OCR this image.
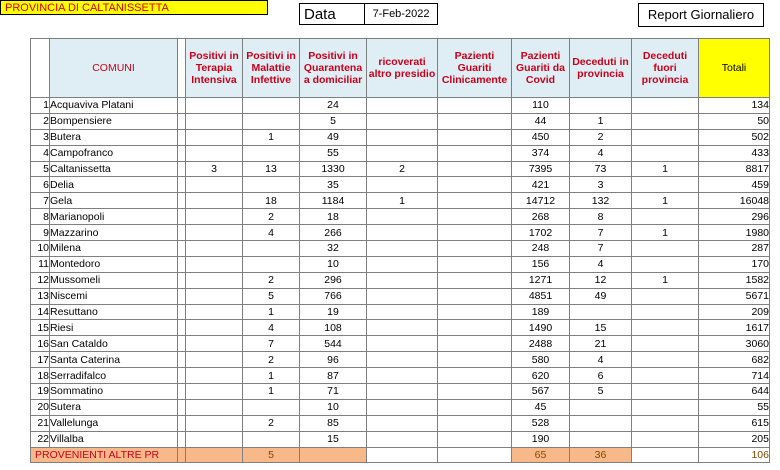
Data	7-Feb-2022	Report Giornaliero
PROVINCIA DI CALTANISSETTA
	COMUNI		Positivi in Terapia Intensiva	Positivi in Malattie Infettive	Positivi in Quarantena a domiciliar	ricoverati altro presidio	Pazienti Guariti Clinicamente	Pazienti Guariti da Covid	Deceduti in provincia	Deceduti fuori provincia	Totali
1	Acquaviva Platani				24			110			134
2	Bompensiere				5			44	1		50
3	Butera			1	49			450	2		502
4	Campofranco				55			374	4		433
5	Caltanissetta		3	13	1330	2		7395	73	1	8817
6	Delia				35			421	3		459
7	Gela			18	1184	1		14712	132	1	16048
8	Marianopoli			2	18			268	8		296
9	Mazzarino			4	266			1702	7	1	1980
10	Milena				32			248	7		287
11	Montedoro				10			156	4		170
12	Mussomeli			2	296			1271	12	1	1582
13	Niscemi			5	766			4851	49		5671
14	Resuttano			1	19			189			209
15	Riesi			4	108			1490	15		1617
16	San Cataldo			7	544			2488	21		3060
17	Santa Caterina			2	96			580	4		682
18	Serradifalco			1	87			620	6		714
19	Sommatino			1	71			567	5		644
20	Sutera				10			45			55
21	Vallelunga			2	85			528			615
22	Villalba				15			190			205
PROVENIENTI ALTRE PR				5				65	36		106
